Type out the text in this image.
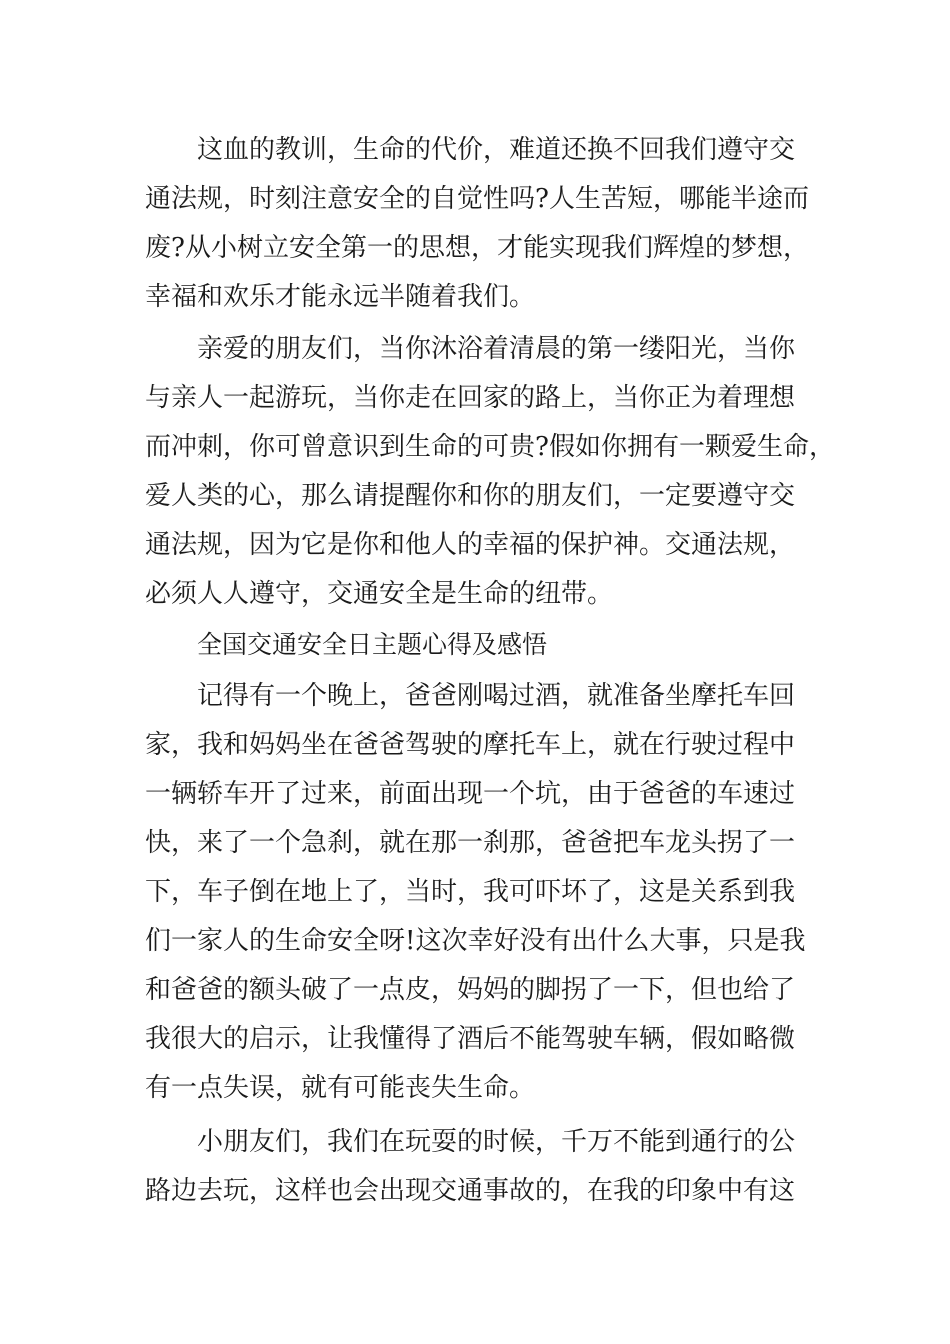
这血的教训，生命的代价，难道还换不回我们遵守交
通法规，时刻注意安全的自觉性吗?人生苦短，哪能半途而
废?从小树立安全第一的思想，才能实现我们辉煌的梦想，
幸福和欢乐才能永远半随着我们。
亲爱的朋友们，当你沐浴着清晨的第一缕阳光，当你
与亲人一起游玩，当你走在回家的路上，当你正为着理想
而冲刺，你可曾意识到生命的可贵?假如你拥有一颗爱生命，
爱人类的心，那么请提醒你和你的朋友们，一定要遵守交
通法规，因为它是你和他人的幸福的保护神。交通法规，
必须人人遵守，交通安全是生命的纽带。
全国交通安全日主题心得及感悟
记得有一个晚上，爸爸刚喝过酒，就准备坐摩托车回
家，我和妈妈坐在爸爸驾驶的摩托车上，就在行驶过程中
一辆轿车开了过来，前面出现一个坑，由于爸爸的车速过
快，来了一个急刹，就在那一刹那，爸爸把车龙头拐了一
下，车子倒在地上了，当时，我可吓坏了，这是关系到我
们一家人的生命安全呀!这次幸好没有出什么大事，只是我
和爸爸的额头破了一点皮，妈妈的脚拐了一下，但也给了
我很大的启示，让我懂得了酒后不能驾驶车辆，假如略微
有一点失误，就有可能丧失生命。
小朋友们，我们在玩耍的时候，千万不能到通行的公
路边去玩，这样也会出现交通事故的，在我的印象中有这
